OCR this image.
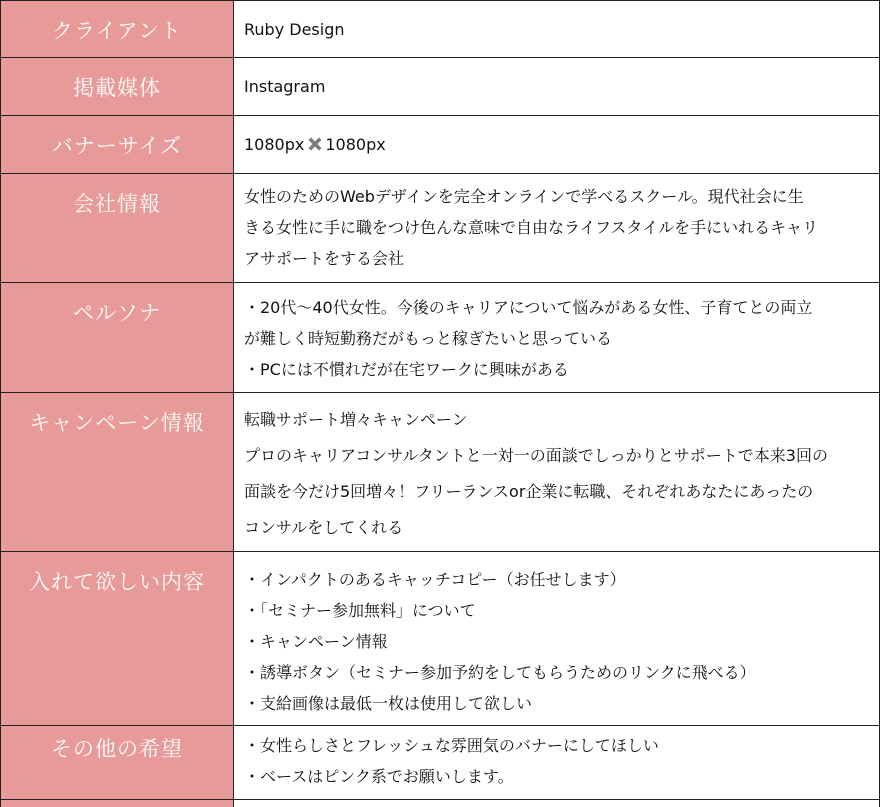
クライアント	Ruby Design

掲載媒体	Instagram

バナーサイズ	1080px 1080px

会社情報	女性のためのWebデザインを完全オンラインで学べるスクール。現代社会に生
きる女性に手に職をつけ色んな意味で自由なライフスタイルを手にいれるキャリ
アサポートをする会社

ペルソナ	・20代〜40代女性。今後のキャリアについて悩みがある女性、子育てとの両立
が難しく時短勤務だがもっと稼ぎたいと思っている
・PCには不慣れだが在宅ワークに興味がある

キャンペーン情報	転職サポート増々キャンペーン
プロのキャリアコンサルタントと一対一の面談でしっかりとサポートで本来3回の
面談を今だけ5回増々！フリーランスor企業に転職、それぞれあなたにあったの
コンサルをしてくれる

入れて欲しい内容	・インパクトのあるキャッチコピー（お任せします）
・「セミナー参加無料」について
・キャンペーン情報
・誘導ボタン（セミナー参加予約をしてもらうためのリンクに飛べる）
・支給画像は最低一枚は使用して欲しい

その他の希望	・女性らしさとフレッシュな雰囲気のバナーにしてほしい
・ベースはピンク系でお願いします。
